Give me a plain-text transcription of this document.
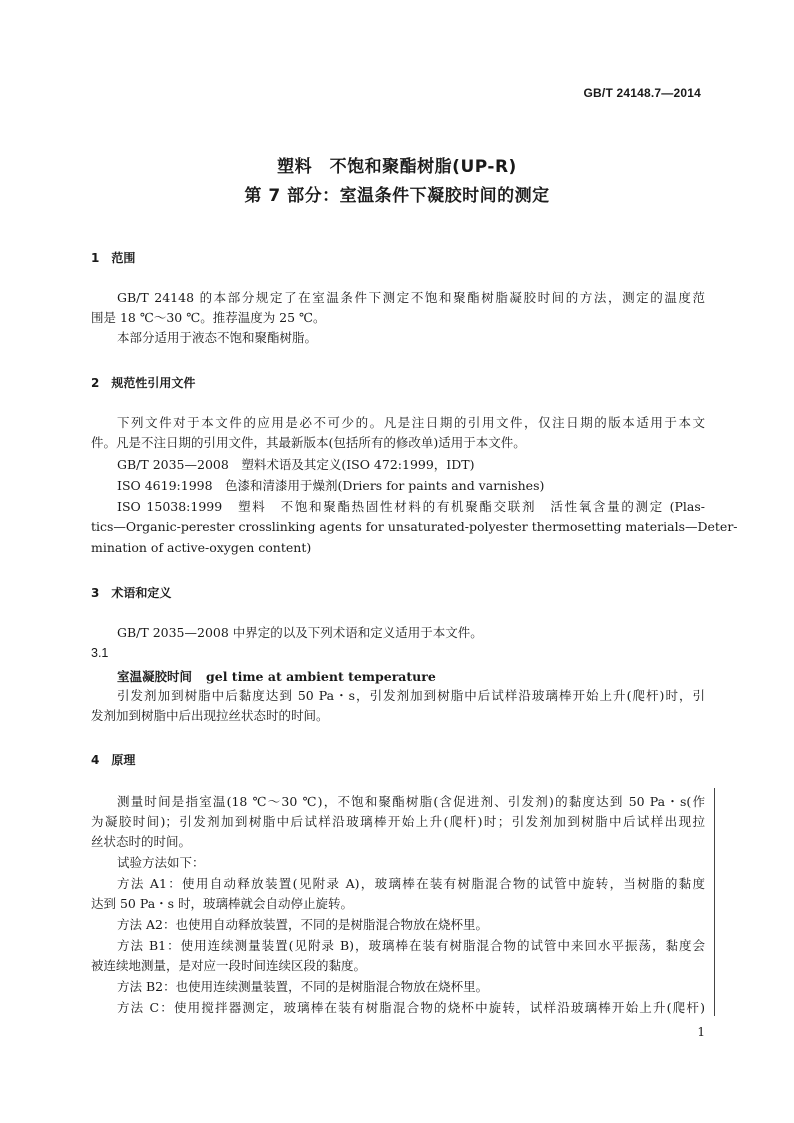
GB/T 24148.7—2014
塑料　不饱和聚酯树脂(UP-R)
第 7 部分：室温条件下凝胶时间的测定
1　范围
GB/T 24148 的本部分规定了在室温条件下测定不饱和聚酯树脂凝胶时间的方法，测定的温度范
围是 18 ℃～30 ℃。推荐温度为 25 ℃。
本部分适用于液态不饱和聚酯树脂。
2　规范性引用文件
下列文件对于本文件的应用是必不可少的。凡是注日期的引用文件，仅注日期的版本适用于本文
件。凡是不注日期的引用文件，其最新版本(包括所有的修改单)适用于本文件。
GB/T 2035—2008　塑料术语及其定义(ISO 472:1999，IDT)
ISO 4619:1998　色漆和清漆用于燥剂(Driers for paints and varnishes)
ISO 15038:1999　塑料　不饱和聚酯热固性材料的有机聚酯交联剂　活性氧含量的测定 (Plas-
tics—Organic-perester crosslinking agents for unsaturated-polyester thermosetting materials—Deter-
mination of active-oxygen content)
3　术语和定义
GB/T 2035—2008 中界定的以及下列术语和定义适用于本文件。
3.1
室温凝胶时间 gel time at ambient temperature
引发剂加到树脂中后黏度达到 50 Pa・s，引发剂加到树脂中后试样沿玻璃棒开始上升(爬杆)时，引
发剂加到树脂中后出现拉丝状态时的时间。
4　原理
测量时间是指室温(18 ℃～30 ℃)，不饱和聚酯树脂(含促进剂、引发剂)的黏度达到 50 Pa・s(作
为凝胶时间)；引发剂加到树脂中后试样沿玻璃棒开始上升(爬杆)时；引发剂加到树脂中后试样出现拉
丝状态时的时间。
试验方法如下：
方法 A1：使用自动释放装置(见附录 A)，玻璃棒在装有树脂混合物的试管中旋转，当树脂的黏度
达到 50 Pa・s 时，玻璃棒就会自动停止旋转。
方法 A2：也使用自动释放装置，不同的是树脂混合物放在烧杯里。
方法 B1：使用连续测量装置(见附录 B)，玻璃棒在装有树脂混合物的试管中来回水平振荡，黏度会
被连续地测量，是对应一段时间连续区段的黏度。
方法 B2：也使用连续测量装置，不同的是树脂混合物放在烧杯里。
方法 C：使用搅拌器测定，玻璃棒在装有树脂混合物的烧杯中旋转，试样沿玻璃棒开始上升(爬杆)
1
